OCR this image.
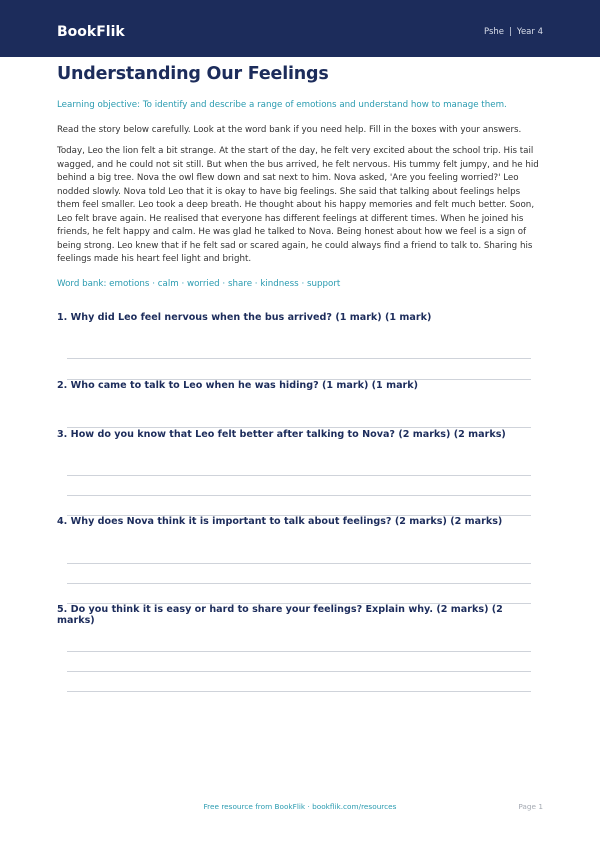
BookFlik	Pshe | Year 4
Understanding Our Feelings
Learning objective: To identify and describe a range of emotions and understand how to manage them.
Read the story below carefully. Look at the word bank if you need help. Fill in the boxes with your answers.
Today, Leo the lion felt a bit strange. At the start of the day, he felt very excited about the school trip. His tail wagged, and he could not sit still. But when the bus arrived, he felt nervous. His tummy felt jumpy, and he hid behind a big tree. Nova the owl flew down and sat next to him. Nova asked, 'Are you feeling worried?' Leo nodded slowly. Nova told Leo that it is okay to have big feelings. She said that talking about feelings helps them feel smaller. Leo took a deep breath. He thought about his happy memories and felt much better. Soon, Leo felt brave again. He realised that everyone has different feelings at different times. When he joined his friends, he felt happy and calm. He was glad he talked to Nova. Being honest about how we feel is a sign of being strong. Leo knew that if he felt sad or scared again, he could always find a friend to talk to. Sharing his feelings made his heart feel light and bright.
Word bank: emotions · calm · worried · share · kindness · support
1. Why did Leo feel nervous when the bus arrived? (1 mark) (1 mark)
2. Who came to talk to Leo when he was hiding? (1 mark) (1 mark)
3. How do you know that Leo felt better after talking to Nova? (2 marks) (2 marks)
4. Why does Nova think it is important to talk about feelings? (2 marks) (2 marks)
5. Do you think it is easy or hard to share your feelings? Explain why. (2 marks) (2 marks)
Free resource from BookFlik · bookflik.com/resources	Page 1
